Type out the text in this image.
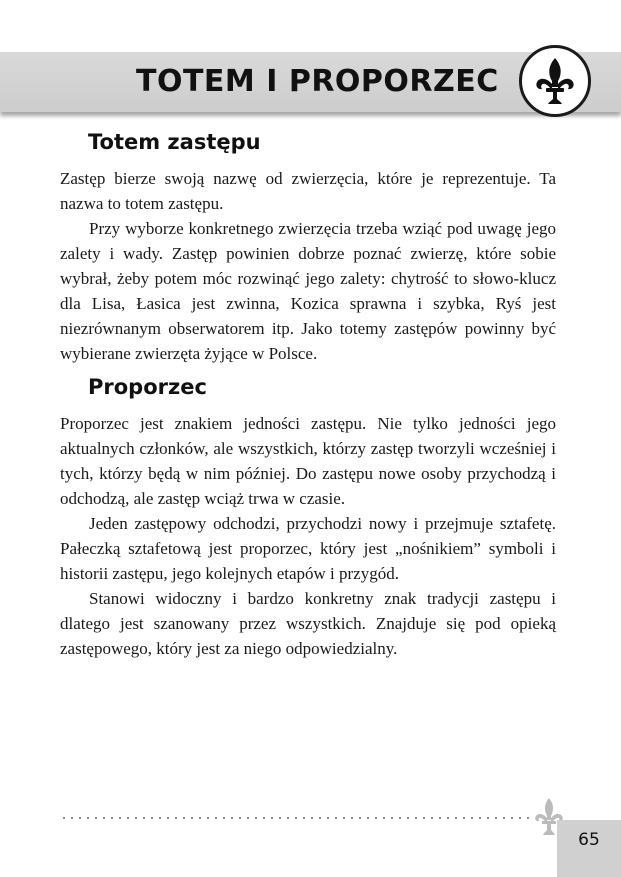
TOTEM I PROPORZEC
Totem zastępu

Zastęp bierze swoją nazwę od zwierzęcia, które je reprezentuje. Ta nazwa to totem zastępu.

Przy wyborze konkretnego zwierzęcia trzeba wziąć pod uwagę jego zalety i wady. Zastęp powinien dobrze poznać zwierzę, które sobie wybrał, żeby potem móc rozwinąć jego zalety: chytrość to słowo-klucz dla Lisa, Łasica jest zwinna, Kozica sprawna i szybka, Ryś jest niezrównanym obserwatorem itp. Jako totemy zastępów powinny być wybierane zwierzęta żyjące w Polsce.

Proporzec

Proporzec jest znakiem jedności zastępu. Nie tylko jedności jego aktualnych członków, ale wszystkich, którzy zastęp tworzyli wcześniej i tych, którzy będą w nim później. Do zastępu nowe osoby przychodzą i odchodzą, ale zastęp wciąż trwa w czasie.

Jeden zastępowy odchodzi, przychodzi nowy i przejmuje sztafetę. Pałeczką sztafetową jest proporzec, który jest „nośnikiem” symboli i historii zastępu, jego kolejnych etapów i przygód.

Stanowi widoczny i bardzo konkretny znak tradycji zastępu i dlatego jest szanowany przez wszystkich. Znajduje się pod opieką zastępowego, który jest za niego odpowiedzialny.

65
